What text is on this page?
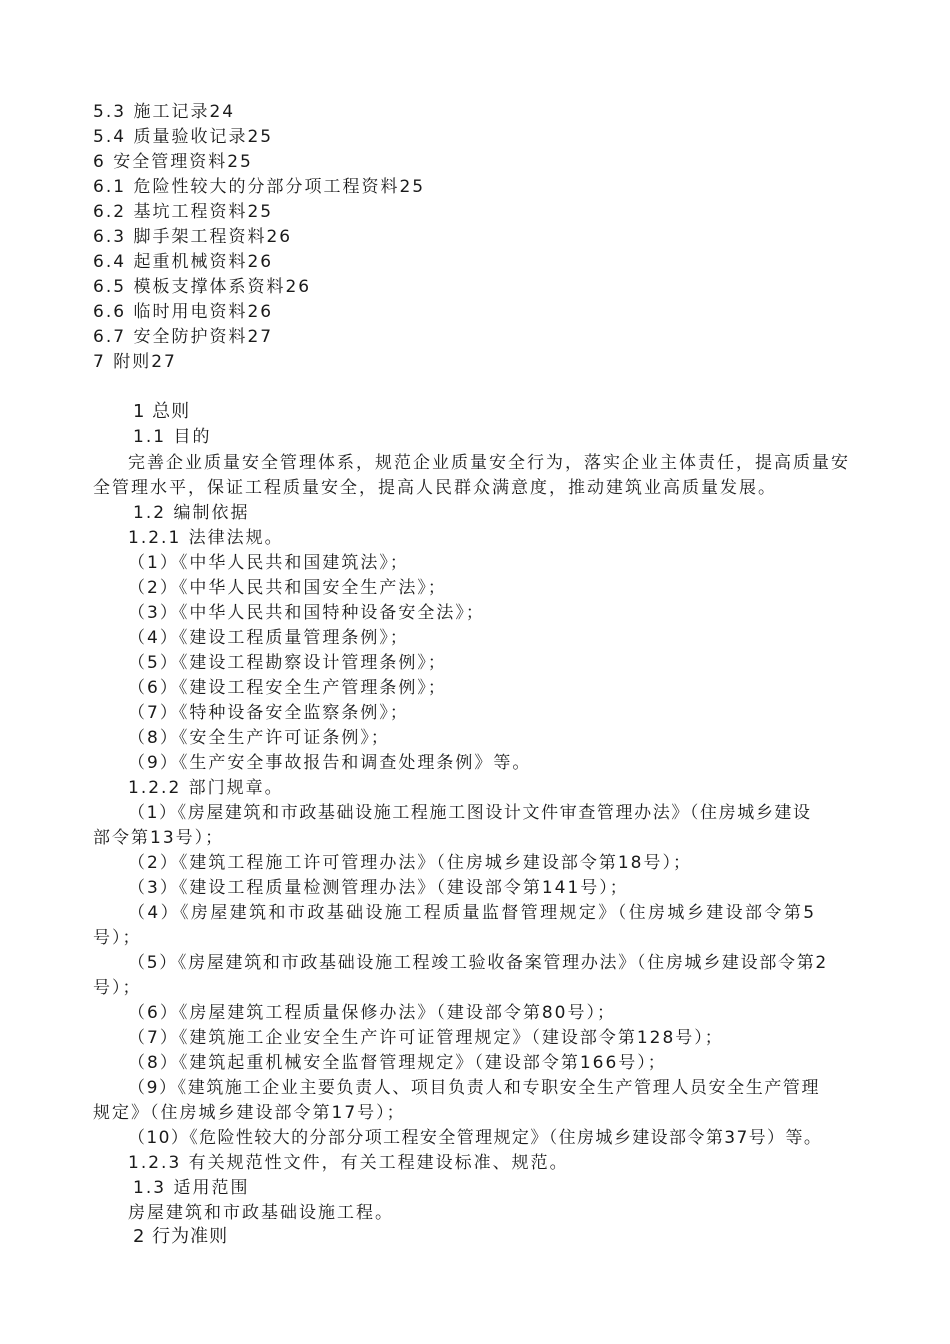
5.3 施工记录24
5.4 质量验收记录25
6 安全管理资料25
6.1 危险性较大的分部分项工程资料25
6.2 基坑工程资料25
6.3 脚手架工程资料26
6.4 起重机械资料26
6.5 模板支撑体系资料26
6.6 临时用电资料26
6.7 安全防护资料27
7 附则27
1 总则
1.1 目的
完善企业质量安全管理体系，规范企业质量安全行为，落实企业主体责任，提高质量安
全管理水平，保证工程质量安全，提高人民群众满意度，推动建筑业高质量发展。
1.2 编制依据
1.2.1 法律法规。
（1）《中华人民共和国建筑法》；
（2）《中华人民共和国安全生产法》；
（3）《中华人民共和国特种设备安全法》；
（4）《建设工程质量管理条例》；
（5）《建设工程勘察设计管理条例》；
（6）《建设工程安全生产管理条例》；
（7）《特种设备安全监察条例》；
（8）《安全生产许可证条例》；
（9）《生产安全事故报告和调查处理条例》等。
1.2.2 部门规章。
（1）《房屋建筑和市政基础设施工程施工图设计文件审查管理办法》（住房城乡建设
部令第13号）；
（2）《建筑工程施工许可管理办法》（住房城乡建设部令第18号）；
（3）《建设工程质量检测管理办法》（建设部令第141号）；
（4）《房屋建筑和市政基础设施工程质量监督管理规定》（住房城乡建设部令第5
号）；
（5）《房屋建筑和市政基础设施工程竣工验收备案管理办法》（住房城乡建设部令第2
号）；
（6）《房屋建筑工程质量保修办法》（建设部令第80号）；
（7）《建筑施工企业安全生产许可证管理规定》（建设部令第128号）；
（8）《建筑起重机械安全监督管理规定》（建设部令第166号）；
（9）《建筑施工企业主要负责人、项目负责人和专职安全生产管理人员安全生产管理
规定》（住房城乡建设部令第17号）；
（10）《危险性较大的分部分项工程安全管理规定》（住房城乡建设部令第37号）等。
1.2.3 有关规范性文件，有关工程建设标准、规范。
1.3 适用范围
房屋建筑和市政基础设施工程。
2 行为准则
